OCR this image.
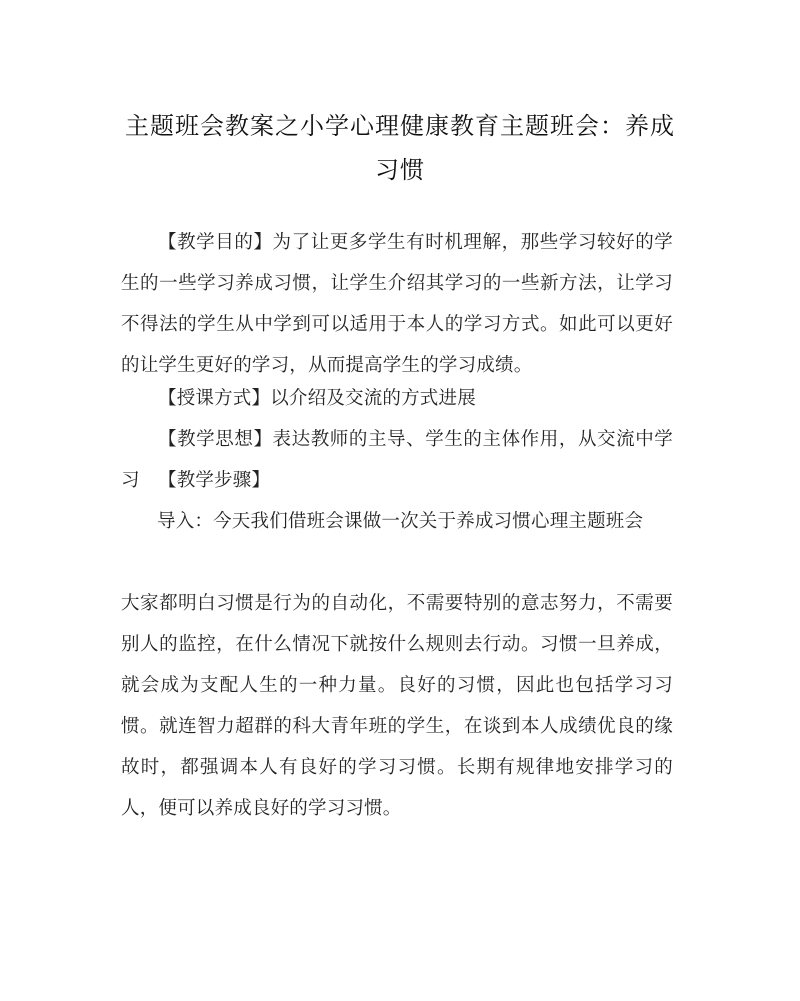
主题班会教案之小学心理健康教育主题班会：养成习惯

【教学目的】为了让更多学生有时机理解，那些学习较好的学生的一些学习养成习惯，让学生介绍其学习的一些新方法，让学习不得法的学生从中学到可以适用于本人的学习方式。如此可以更好的让学生更好的学习，从而提高学生的学习成绩。

【授课方式】以介绍及交流的方式进展

【教学思想】表达教师的主导、学生的主体作用，从交流中学习 【教学步骤】

导入：今天我们借班会课做一次关于养成习惯心理主题班会

大家都明白习惯是行为的自动化，不需要特别的意志努力，不需要别人的监控，在什么情况下就按什么规则去行动。习惯一旦养成，就会成为支配人生的一种力量。良好的习惯，因此也包括学习习惯。就连智力超群的科大青年班的学生，在谈到本人成绩优良的缘故时，都强调本人有良好的学习习惯。长期有规律地安排学习的人，便可以养成良好的学习习惯。
